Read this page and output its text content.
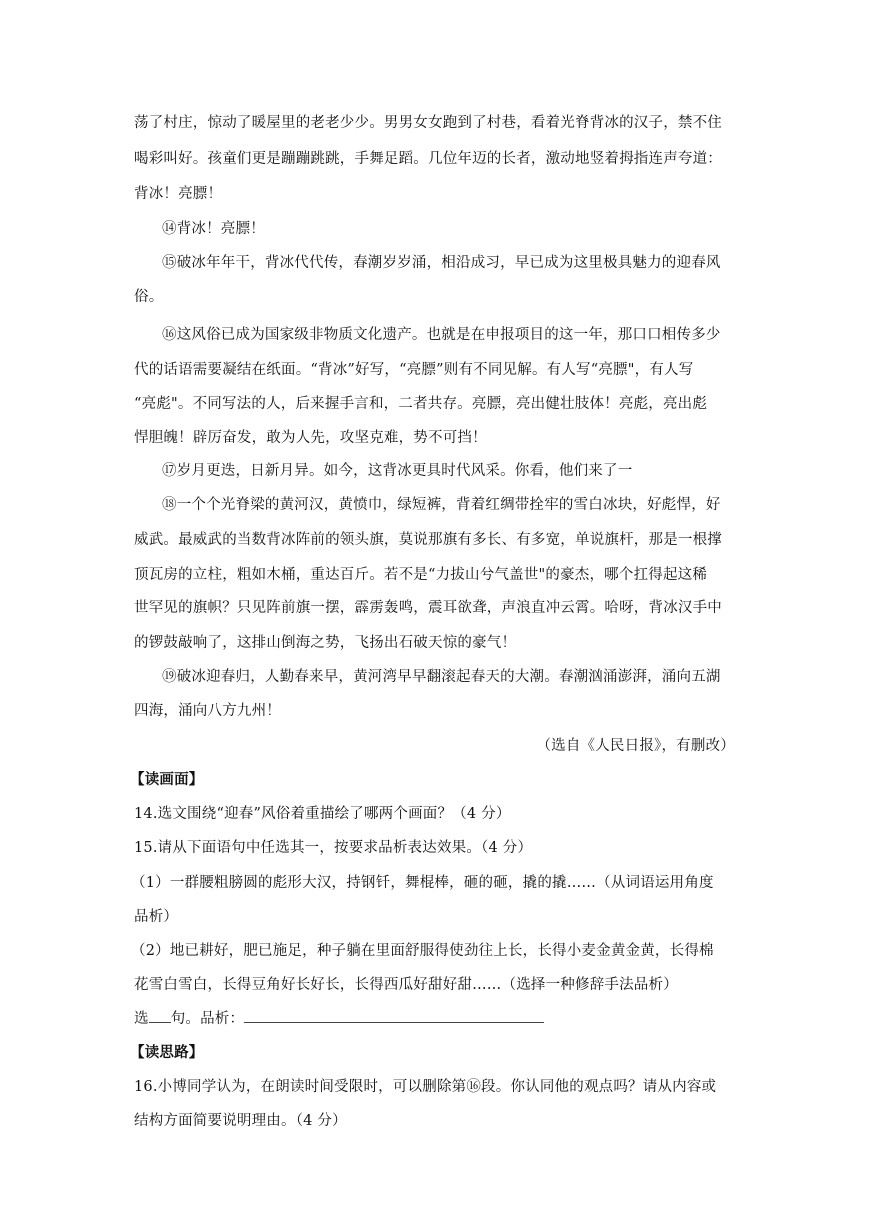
荡了村庄，惊动了暖屋里的老老少少。男男女女跑到了村巷，看着光脊背冰的汉子，禁不住
喝彩叫好。孩童们更是蹦蹦跳跳，手舞足蹈。几位年迈的长者，激动地竖着拇指连声夸道：
背冰！亮膘！
⑭背冰！亮膘！
⑮破冰年年干，背冰代代传，春潮岁岁涌，相沿成习，早已成为这里极具魅力的迎春风
俗。
⑯这风俗已成为国家级非物质文化遗产。也就是在申报项目的这一年，那口口相传多少
代的话语需要凝结在纸面。“背冰”好写，“亮膘”则有不同见解。有人写“亮膘"，有人写
“亮彪"。不同写法的人，后来握手言和，二者共存。亮膘，亮出健壮肢体！亮彪，亮出彪
悍胆魄！辟厉奋发，敢为人先，攻坚克难，势不可挡！
⑰岁月更迭，日新月异。如今，这背冰更具时代风采。你看，他们来了一
⑱一个个光脊梁的黄河汉，黄愤巾，绿短裤，背着红绸带拴牢的雪白冰块，好彪悍，好
威武。最威武的当数背冰阵前的领头旗，莫说那旗有多长、有多宽，单说旗杆，那是一根撑
顶瓦房的立柱，粗如木桶，重达百斤。若不是“力拔山兮气盖世"的豪杰，哪个扛得起这稀
世罕见的旗帜？只见阵前旗一摆，霹雳轰鸣，震耳欲聋，声浪直冲云霄。哈呀，背冰汉手中
的锣鼓敲响了，这排山倒海之势，飞扬出石破天惊的豪气！
⑲破冰迎春归，人勤春来早，黄河湾早早翻滚起春天的大潮。春潮汹涌澎湃，涌向五湖
四海，涌向八方九州！
（选自《人民日报》，有删改）
【读画面】
14.选文围绕“迎春”风俗着重描绘了哪两个画面？（4 分）
15.请从下面语句中任选其一，按要求品析表达效果。（4 分）
（1）一群腰粗膀圆的彪形大汉，持钢钎，舞棍棒，砸的砸，撬的撬……（从词语运用角度
品析）
（2）地已耕好，肥已施足，种子躺在里面舒服得使劲往上长，长得小麦金黄金黄，长得棉
花雪白雪白，长得豆角好长好长，长得西瓜好甜好甜……（选择一种修辞手法品析）
选 句。品析：
【读思路】
16.小博同学认为，在朗读时间受限时，可以删除第⑯段。你认同他的观点吗？请从内容或
结构方面简要说明理由。（4 分）
